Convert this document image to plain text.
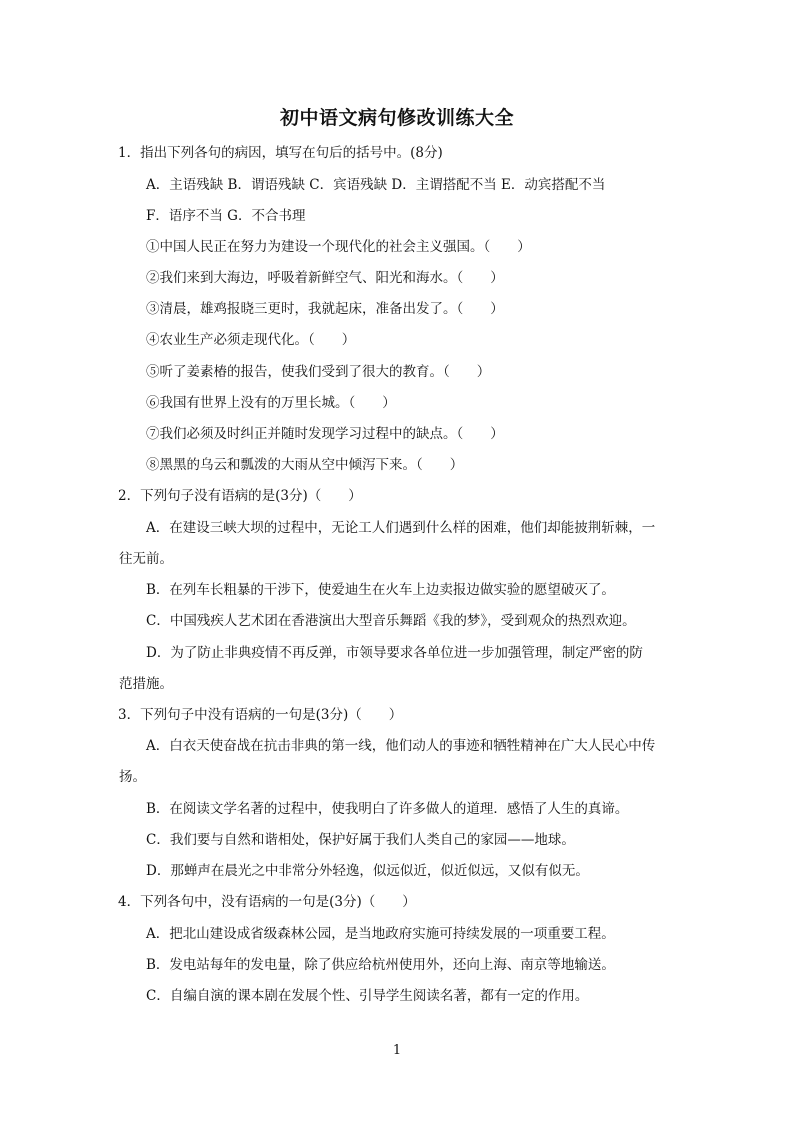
初中语文病句修改训练大全
1．指出下列各句的病因，填写在句后的括号中。(8分)
A．主语残缺 B．谓语残缺 C．宾语残缺 D．主谓搭配不当 E．动宾搭配不当
F．语序不当 G．不合书理
①中国人民正在努力为建设一个现代化的社会主义强国。（　　）
②我们来到大海边，呼吸着新鲜空气、阳光和海水。（　　）
③清晨，雄鸡报晓三更时，我就起床，准备出发了。（　　）
④农业生产必须走现代化。（　　）
⑤听了姜素椿的报告，使我们受到了很大的教育。（　　）
⑥我国有世界上没有的万里长城。（　　）
⑦我们必须及时纠正并随时发现学习过程中的缺点。（　　）
⑧黑黑的乌云和瓢泼的大雨从空中倾泻下来。（　　）
2．下列句子没有语病的是(3分)（　　）
A．在建设三峡大坝的过程中，无论工人们遇到什么样的困难，他们却能披荆斩棘，一
往无前。
B．在列车长粗暴的干涉下，使爱迪生在火车上边卖报边做实验的愿望破灭了。
C．中国残疾人艺术团在香港演出大型音乐舞蹈《我的梦》，受到观众的热烈欢迎。
D．为了防止非典疫情不再反弹，市领导要求各单位进一步加强管理，制定严密的防
范措施。
3．下列句子中没有语病的一句是(3分)（　　）
A．白衣天使奋战在抗击非典的第一线，他们动人的事迹和牺牲精神在广大人民心中传
扬。
B．在阅读文学名著的过程中，使我明白了许多做人的道理．感悟了人生的真谛。
C．我们要与自然和谐相处，保护好属于我们人类自己的家园——地球。
D．那蝉声在晨光之中非常分外轻逸，似远似近，似近似远，又似有似无。
4．下列各句中，没有语病的一句是(3分)（　　）
A．把北山建设成省级森林公园，是当地政府实施可持续发展的一项重要工程。
B．发电站每年的发电量，除了供应给杭州使用外，还向上海、南京等地输送。
C．自编自演的课本剧在发展个性、引导学生阅读名著，都有一定的作用。
1
